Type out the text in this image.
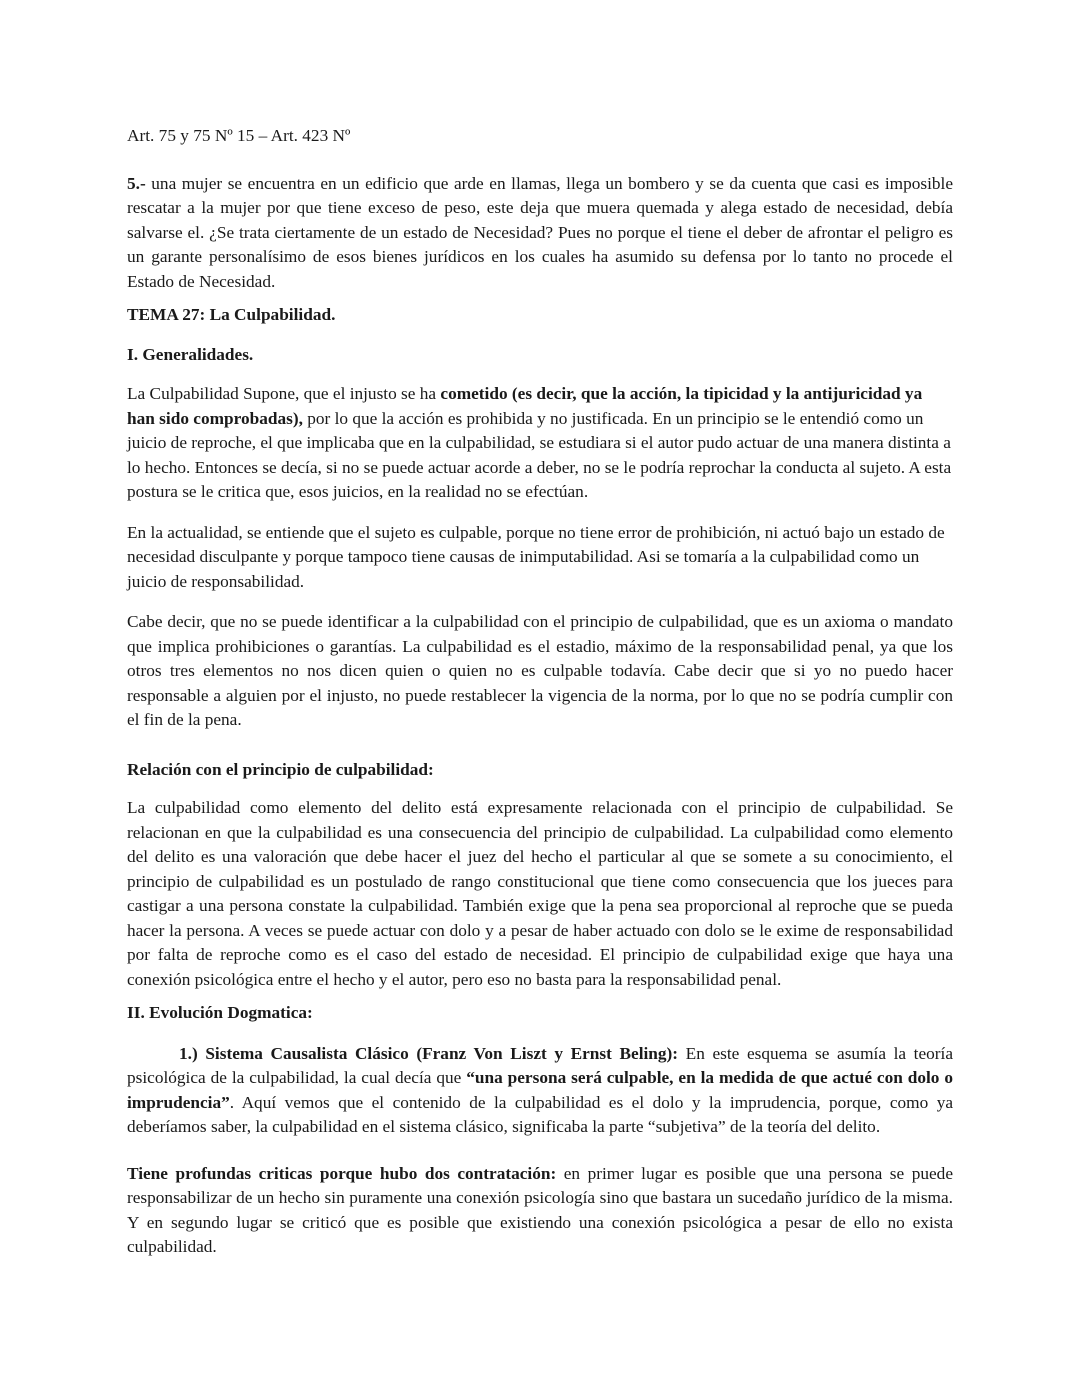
Art. 75 y 75 Nº 15 – Art. 423 Nº

5.- una mujer se encuentra en un edificio que arde en llamas, llega un bombero y se da cuenta que casi es imposible rescatar a la mujer por que tiene exceso de peso, este deja que muera quemada y alega estado de necesidad, debía salvarse el. ¿Se trata ciertamente de un estado de Necesidad? Pues no porque el tiene el deber de afrontar el peligro es un garante personalísimo de esos bienes jurídicos en los cuales ha asumido su defensa por lo tanto no procede el Estado de Necesidad.

TEMA 27: La Culpabilidad.

I. Generalidades.

La Culpabilidad Supone, que el injusto se ha cometido (es decir, que la acción, la tipicidad y la antijuricidad ya han sido comprobadas), por lo que la acción es prohibida y no justificada. En un principio se le entendió como un juicio de reproche, el que implicaba que en la culpabilidad, se estudiara si el autor pudo actuar de una manera distinta a lo hecho. Entonces se decía, si no se puede actuar acorde a deber, no se le podría reprochar la conducta al sujeto. A esta postura se le critica que, esos juicios, en la realidad no se efectúan.

En la actualidad, se entiende que el sujeto es culpable, porque no tiene error de prohibición, ni actuó bajo un estado de necesidad disculpante y porque tampoco tiene causas de inimputabilidad. Asi se tomaría a la culpabilidad como un juicio de responsabilidad.

Cabe decir, que no se puede identificar a la culpabilidad con el principio de culpabilidad, que es un axioma o mandato que implica prohibiciones o garantías. La culpabilidad es el estadio, máximo de la responsabilidad penal, ya que los otros tres elementos no nos dicen quien o quien no es culpable todavía. Cabe decir que si yo no puedo hacer responsable a alguien por el injusto, no puede restablecer la vigencia de la norma, por lo que no se podría cumplir con el fin de la pena.

Relación con el principio de culpabilidad:

La culpabilidad como elemento del delito está expresamente relacionada con el principio de culpabilidad. Se relacionan en que la culpabilidad es una consecuencia del principio de culpabilidad. La culpabilidad como elemento del delito es una valoración que debe hacer el juez del hecho el particular al que se somete a su conocimiento, el principio de culpabilidad es un postulado de rango constitucional que tiene como consecuencia que los jueces para castigar a una persona constate la culpabilidad. También exige que la pena sea proporcional al reproche que se pueda hacer la persona. A veces se puede actuar con dolo y a pesar de haber actuado con dolo se le exime de responsabilidad por falta de reproche como es el caso del estado de necesidad. El principio de culpabilidad exige que haya una conexión psicológica entre el hecho y el autor, pero eso no basta para la responsabilidad penal.

II. Evolución Dogmatica:

1.) Sistema Causalista Clásico (Franz Von Liszt y Ernst Beling): En este esquema se asumía la teoría psicológica de la culpabilidad, la cual decía que “una persona será culpable, en la medida de que actué con dolo o imprudencia”. Aquí vemos que el contenido de la culpabilidad es el dolo y la imprudencia, porque, como ya deberíamos saber, la culpabilidad en el sistema clásico, significaba la parte “subjetiva” de la teoría del delito.

Tiene profundas criticas porque hubo dos contratación: en primer lugar es posible que una persona se puede responsabilizar de un hecho sin puramente una conexión psicología sino que bastara un sucedaño jurídico de la misma. Y en segundo lugar se criticó que es posible que existiendo una conexión psicológica a pesar de ello no exista culpabilidad.
